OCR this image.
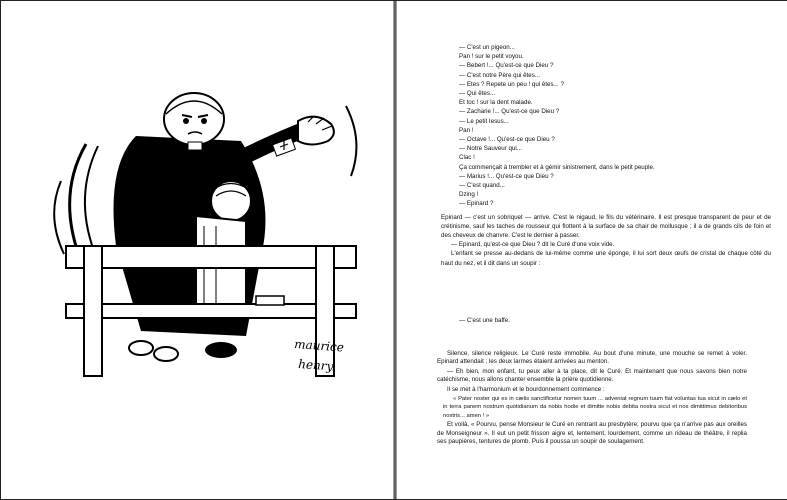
maurice
henry.

— C'est un pigeon...

Pan ! sur le petit voyou.

— Bebert !... Qu'est-ce que Dieu ?

— C'est notre Père qui êtes...

— Etes ? Repete un peu ! qui êtes... ?

— Qui êtes...

Et toc ! sur la dent malade.

— Zacharie !... Qu'est-ce que Dieu ?

— Le petit Iesus...

Pan !

— Octave !... Qu'est-ce que Dieu ?

— Notre Sauveur qui...

Clac !

Ça commençait à trembler et à gémir sinistrement, dans le petit peuple.

— Marius !... Qu'est-ce que Dieu ?

— C'est quand...

Dzing !

— Epinard ?

Epinard — c'est un sobriquet — arrive. C'est le nigaud, le fils du vétérinaire. Il est presque transparent de peur et de crétinisme, sauf les taches de rousseur qui flottent à la surface de sa chair de mollusque ; il a de grands cils de foin et des cheveux de chanvre. C'est le dernier à passer.

— Epinard, qu'est-ce que Dieu ? dit le Curé d'une voix vide.

L'enfant se presse au-dedans de lui-même comme une éponge, il lui sort deux œufs de cristal de chaque côté du haut du nez, et il dit dans un soupir :

— C'est une baffe.

Silence, silence religieux. Le Curé reste immobile. Au bout d'une minute, une mouche se remet à voler. Epinard attendait ; les deux larmes étaient arrivées au menton.

— Eh bien, mon enfant, tu peux aller à ta place, dit le Curé. Et maintenant que nous savons bien notre catéchisme, nous allons chanter ensemble la prière quotidienne.

Il se met à l'harmonium et le bourdonnement commence :

« Pater noster qui es in cælis sanctificetur nomen tuum ... adveniat regnum tuum fiat voluntas tua sicut in cælo et in terra panem nostrum quotidianum da nobis hodie et dimitte nobis debita nostra sicut et nos dimittimus debitoribus nostris... amen ! »

Et voilà, « Pourvu, pense Monsieur le Curé en rentrant au presbytère, pourvu que ça n'arrive pas aux oreilles de Monseigneur ». Il eut un petit frisson aigre et, lentement, lourdement, comme un rideau de théâtre, il replia ses paupières, tentures de plomb. Puis il poussa un soupir de soulagement.
